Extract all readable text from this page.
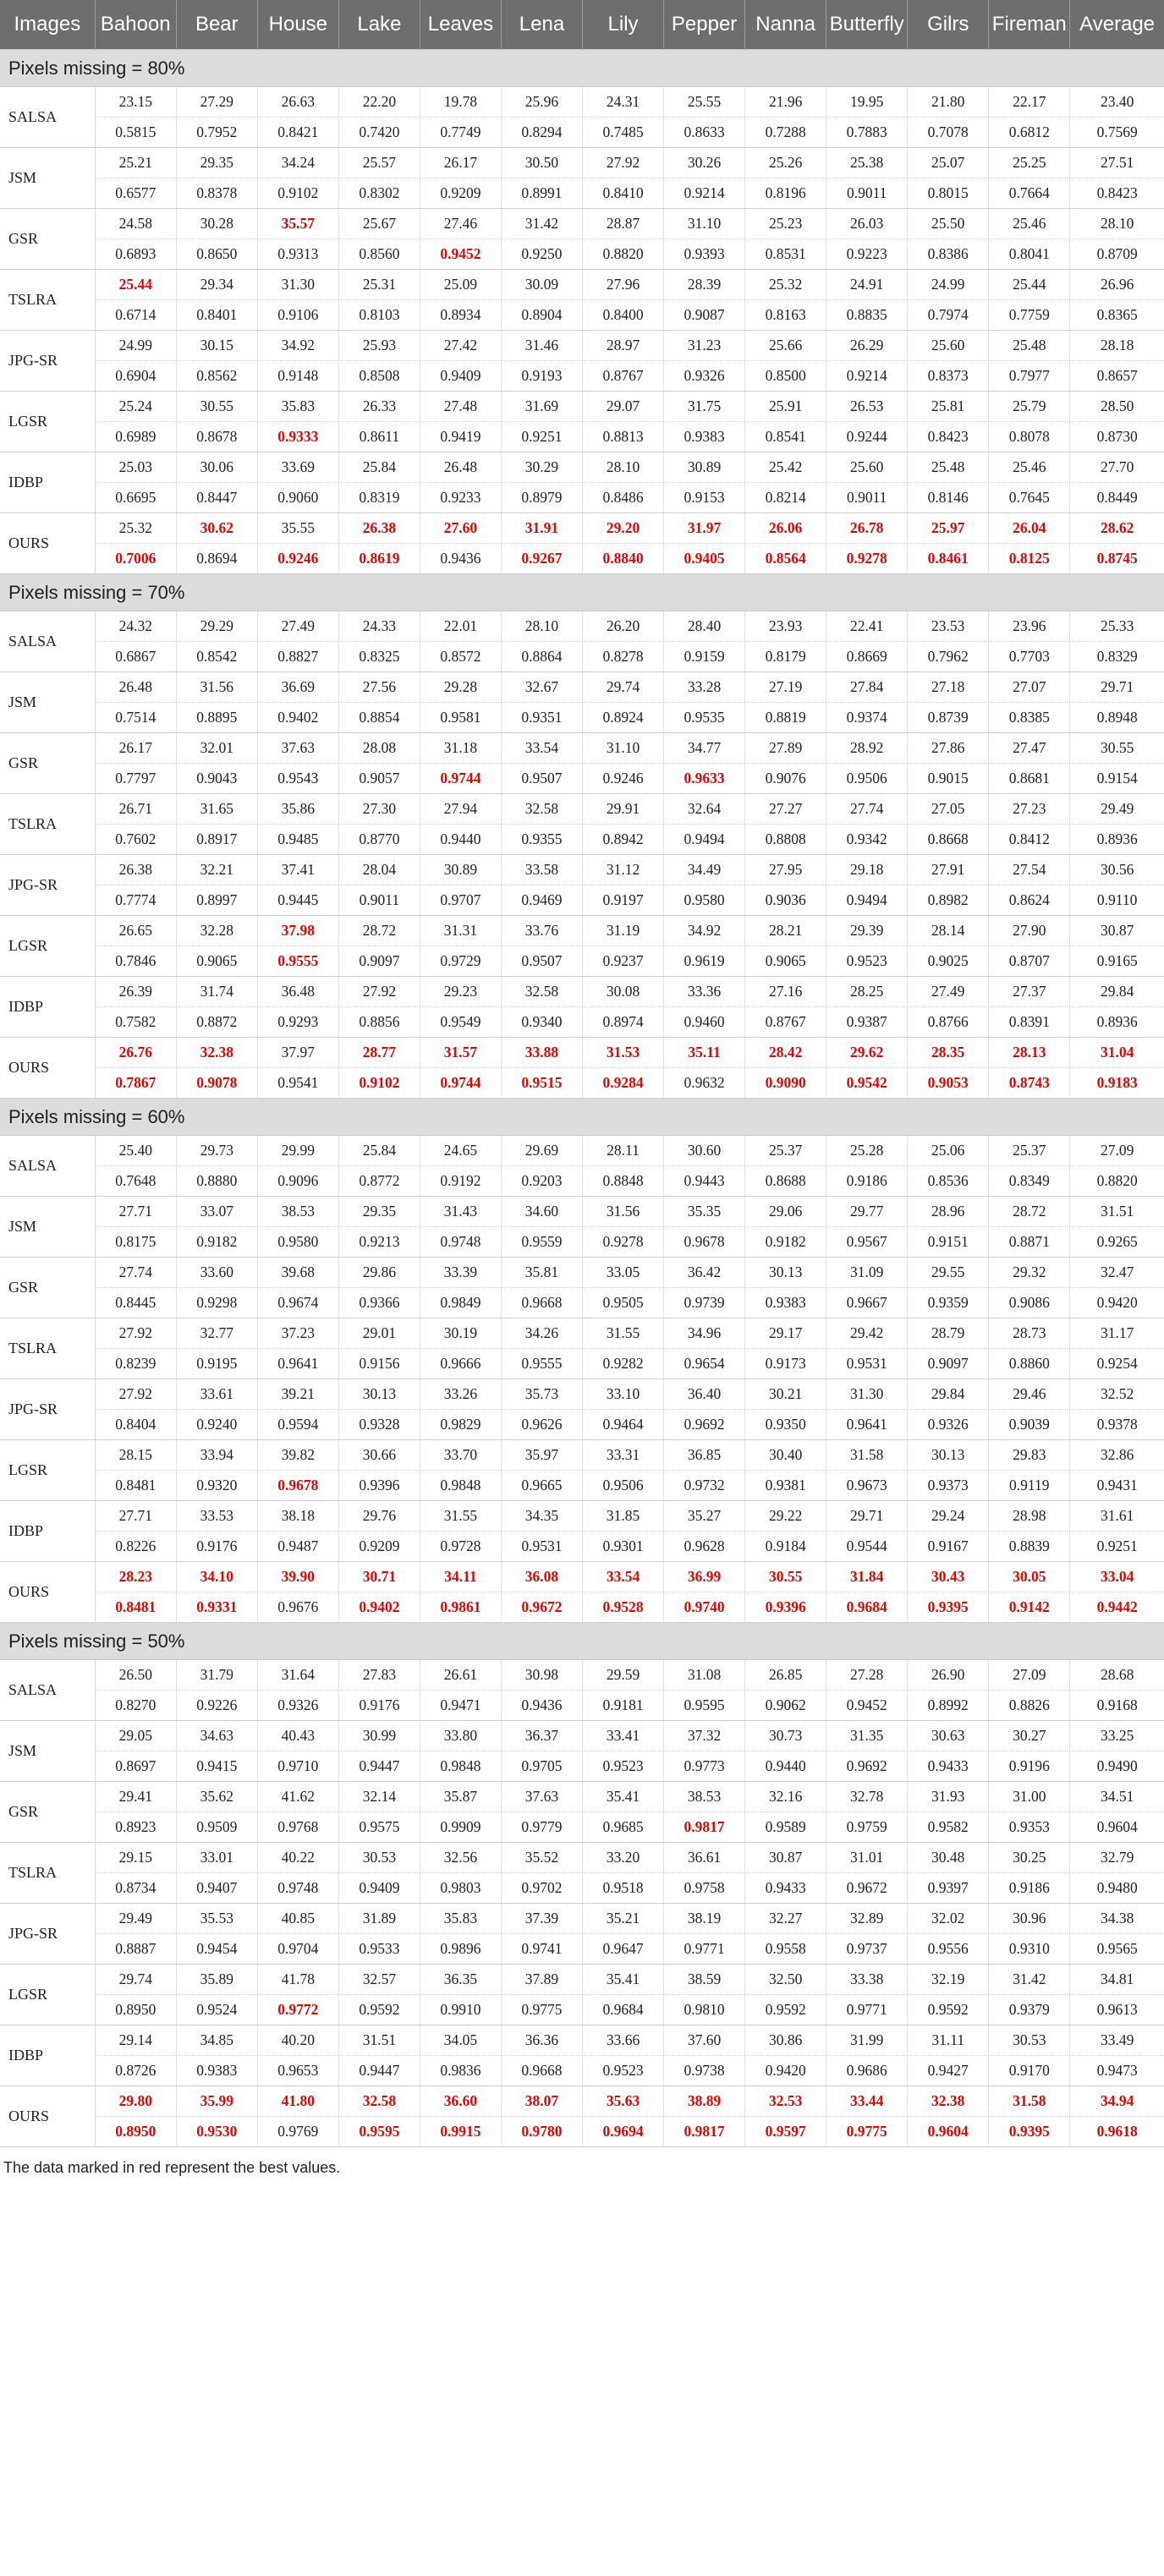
Images	Bahoon	Bear	House	Lake	Leaves	Lena	Lily	Pepper	Nanna	Butterfly	Gilrs	Fireman	Average
Pixels missing = 80%													
SALSA	23.15	27.29	26.63	22.20	19.78	25.96	24.31	25.55	21.96	19.95	21.80	22.17	23.40
	0.5815	0.7952	0.8421	0.7420	0.7749	0.8294	0.7485	0.8633	0.7288	0.7883	0.7078	0.6812	0.7569
JSM	25.21	29.35	34.24	25.57	26.17	30.50	27.92	30.26	25.26	25.38	25.07	25.25	27.51
	0.6577	0.8378	0.9102	0.8302	0.9209	0.8991	0.8410	0.9214	0.8196	0.9011	0.8015	0.7664	0.8423
GSR	24.58	30.28	35.57	25.67	27.46	31.42	28.87	31.10	25.23	26.03	25.50	25.46	28.10
	0.6893	0.8650	0.9313	0.8560	0.9452	0.9250	0.8820	0.9393	0.8531	0.9223	0.8386	0.8041	0.8709
TSLRA	25.44	29.34	31.30	25.31	25.09	30.09	27.96	28.39	25.32	24.91	24.99	25.44	26.96
	0.6714	0.8401	0.9106	0.8103	0.8934	0.8904	0.8400	0.9087	0.8163	0.8835	0.7974	0.7759	0.8365
JPG-SR	24.99	30.15	34.92	25.93	27.42	31.46	28.97	31.23	25.66	26.29	25.60	25.48	28.18
	0.6904	0.8562	0.9148	0.8508	0.9409	0.9193	0.8767	0.9326	0.8500	0.9214	0.8373	0.7977	0.8657
LGSR	25.24	30.55	35.83	26.33	27.48	31.69	29.07	31.75	25.91	26.53	25.81	25.79	28.50
	0.6989	0.8678	0.9333	0.8611	0.9419	0.9251	0.8813	0.9383	0.8541	0.9244	0.8423	0.8078	0.8730
IDBP	25.03	30.06	33.69	25.84	26.48	30.29	28.10	30.89	25.42	25.60	25.48	25.46	27.70
	0.6695	0.8447	0.9060	0.8319	0.9233	0.8979	0.8486	0.9153	0.8214	0.9011	0.8146	0.7645	0.8449
OURS	25.32	30.62	35.55	26.38	27.60	31.91	29.20	31.97	26.06	26.78	25.97	26.04	28.62
	0.7006	0.8694	0.9246	0.8619	0.9436	0.9267	0.8840	0.9405	0.8564	0.9278	0.8461	0.8125	0.8745
Pixels missing = 70%													
SALSA	24.32	29.29	27.49	24.33	22.01	28.10	26.20	28.40	23.93	22.41	23.53	23.96	25.33
	0.6867	0.8542	0.8827	0.8325	0.8572	0.8864	0.8278	0.9159	0.8179	0.8669	0.7962	0.7703	0.8329
JSM	26.48	31.56	36.69	27.56	29.28	32.67	29.74	33.28	27.19	27.84	27.18	27.07	29.71
	0.7514	0.8895	0.9402	0.8854	0.9581	0.9351	0.8924	0.9535	0.8819	0.9374	0.8739	0.8385	0.8948
GSR	26.17	32.01	37.63	28.08	31.18	33.54	31.10	34.77	27.89	28.92	27.86	27.47	30.55
	0.7797	0.9043	0.9543	0.9057	0.9744	0.9507	0.9246	0.9633	0.9076	0.9506	0.9015	0.8681	0.9154
TSLRA	26.71	31.65	35.86	27.30	27.94	32.58	29.91	32.64	27.27	27.74	27.05	27.23	29.49
	0.7602	0.8917	0.9485	0.8770	0.9440	0.9355	0.8942	0.9494	0.8808	0.9342	0.8668	0.8412	0.8936
JPG-SR	26.38	32.21	37.41	28.04	30.89	33.58	31.12	34.49	27.95	29.18	27.91	27.54	30.56
	0.7774	0.8997	0.9445	0.9011	0.9707	0.9469	0.9197	0.9580	0.9036	0.9494	0.8982	0.8624	0.9110
LGSR	26.65	32.28	37.98	28.72	31.31	33.76	31.19	34.92	28.21	29.39	28.14	27.90	30.87
	0.7846	0.9065	0.9555	0.9097	0.9729	0.9507	0.9237	0.9619	0.9065	0.9523	0.9025	0.8707	0.9165
IDBP	26.39	31.74	36.48	27.92	29.23	32.58	30.08	33.36	27.16	28.25	27.49	27.37	29.84
	0.7582	0.8872	0.9293	0.8856	0.9549	0.9340	0.8974	0.9460	0.8767	0.9387	0.8766	0.8391	0.8936
OURS	26.76	32.38	37.97	28.77	31.57	33.88	31.53	35.11	28.42	29.62	28.35	28.13	31.04
	0.7867	0.9078	0.9541	0.9102	0.9744	0.9515	0.9284	0.9632	0.9090	0.9542	0.9053	0.8743	0.9183
Pixels missing = 60%													
SALSA	25.40	29.73	29.99	25.84	24.65	29.69	28.11	30.60	25.37	25.28	25.06	25.37	27.09
	0.7648	0.8880	0.9096	0.8772	0.9192	0.9203	0.8848	0.9443	0.8688	0.9186	0.8536	0.8349	0.8820
JSM	27.71	33.07	38.53	29.35	31.43	34.60	31.56	35.35	29.06	29.77	28.96	28.72	31.51
	0.8175	0.9182	0.9580	0.9213	0.9748	0.9559	0.9278	0.9678	0.9182	0.9567	0.9151	0.8871	0.9265
GSR	27.74	33.60	39.68	29.86	33.39	35.81	33.05	36.42	30.13	31.09	29.55	29.32	32.47
	0.8445	0.9298	0.9674	0.9366	0.9849	0.9668	0.9505	0.9739	0.9383	0.9667	0.9359	0.9086	0.9420
TSLRA	27.92	32.77	37.23	29.01	30.19	34.26	31.55	34.96	29.17	29.42	28.79	28.73	31.17
	0.8239	0.9195	0.9641	0.9156	0.9666	0.9555	0.9282	0.9654	0.9173	0.9531	0.9097	0.8860	0.9254
JPG-SR	27.92	33.61	39.21	30.13	33.26	35.73	33.10	36.40	30.21	31.30	29.84	29.46	32.52
	0.8404	0.9240	0.9594	0.9328	0.9829	0.9626	0.9464	0.9692	0.9350	0.9641	0.9326	0.9039	0.9378
LGSR	28.15	33.94	39.82	30.66	33.70	35.97	33.31	36.85	30.40	31.58	30.13	29.83	32.86
	0.8481	0.9320	0.9678	0.9396	0.9848	0.9665	0.9506	0.9732	0.9381	0.9673	0.9373	0.9119	0.9431
IDBP	27.71	33.53	38.18	29.76	31.55	34.35	31.85	35.27	29.22	29.71	29.24	28.98	31.61
	0.8226	0.9176	0.9487	0.9209	0.9728	0.9531	0.9301	0.9628	0.9184	0.9544	0.9167	0.8839	0.9251
OURS	28.23	34.10	39.90	30.71	34.11	36.08	33.54	36.99	30.55	31.84	30.43	30.05	33.04
	0.8481	0.9331	0.9676	0.9402	0.9861	0.9672	0.9528	0.9740	0.9396	0.9684	0.9395	0.9142	0.9442
Pixels missing = 50%													
SALSA	26.50	31.79	31.64	27.83	26.61	30.98	29.59	31.08	26.85	27.28	26.90	27.09	28.68
	0.8270	0.9226	0.9326	0.9176	0.9471	0.9436	0.9181	0.9595	0.9062	0.9452	0.8992	0.8826	0.9168
JSM	29.05	34.63	40.43	30.99	33.80	36.37	33.41	37.32	30.73	31.35	30.63	30.27	33.25
	0.8697	0.9415	0.9710	0.9447	0.9848	0.9705	0.9523	0.9773	0.9440	0.9692	0.9433	0.9196	0.9490
GSR	29.41	35.62	41.62	32.14	35.87	37.63	35.41	38.53	32.16	32.78	31.93	31.00	34.51
	0.8923	0.9509	0.9768	0.9575	0.9909	0.9779	0.9685	0.9817	0.9589	0.9759	0.9582	0.9353	0.9604
TSLRA	29.15	33.01	40.22	30.53	32.56	35.52	33.20	36.61	30.87	31.01	30.48	30.25	32.79
	0.8734	0.9407	0.9748	0.9409	0.9803	0.9702	0.9518	0.9758	0.9433	0.9672	0.9397	0.9186	0.9480
JPG-SR	29.49	35.53	40.85	31.89	35.83	37.39	35.21	38.19	32.27	32.89	32.02	30.96	34.38
	0.8887	0.9454	0.9704	0.9533	0.9896	0.9741	0.9647	0.9771	0.9558	0.9737	0.9556	0.9310	0.9565
LGSR	29.74	35.89	41.78	32.57	36.35	37.89	35.41	38.59	32.50	33.38	32.19	31.42	34.81
	0.8950	0.9524	0.9772	0.9592	0.9910	0.9775	0.9684	0.9810	0.9592	0.9771	0.9592	0.9379	0.9613
IDBP	29.14	34.85	40.20	31.51	34.05	36.36	33.66	37.60	30.86	31.99	31.11	30.53	33.49
	0.8726	0.9383	0.9653	0.9447	0.9836	0.9668	0.9523	0.9738	0.9420	0.9686	0.9427	0.9170	0.9473
OURS	29.80	35.99	41.80	32.58	36.60	38.07	35.63	38.89	32.53	33.44	32.38	31.58	34.94
	0.8950	0.9530	0.9769	0.9595	0.9915	0.9780	0.9694	0.9817	0.9597	0.9775	0.9604	0.9395	0.9618
The data marked in red represent the best values.
